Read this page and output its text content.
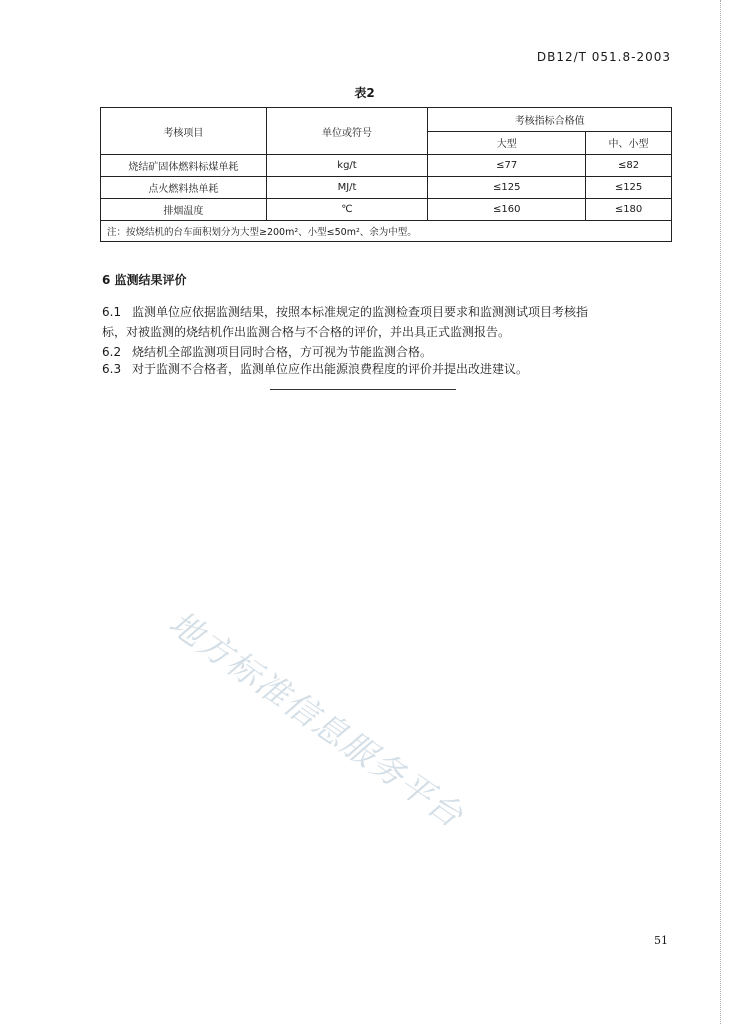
DB12/T 051.8-2003
表2
考核项目	单位或符号	考核指标合格值	
		大型	中、小型
烧结矿固体燃料标煤单耗	kg/t	≤77	≤82
点火燃料热单耗	MJ/t	≤125	≤125
排烟温度	℃	≤160	≤180
注：按烧结机的台车面积划分为大型≥200m²、小型≤50m²、余为中型。			
6 监测结果评价
6.1 监测单位应依据监测结果，按照本标准规定的监测检查项目要求和监测测试项目考核指
标，对被监测的烧结机作出监测合格与不合格的评价，并出具正式监测报告。
6.2 烧结机全部监测项目同时合格，方可视为节能监测合格。
6.3 对于监测不合格者，监测单位应作出能源浪费程度的评价并提出改进建议。
地方标准信息服务平台
51
